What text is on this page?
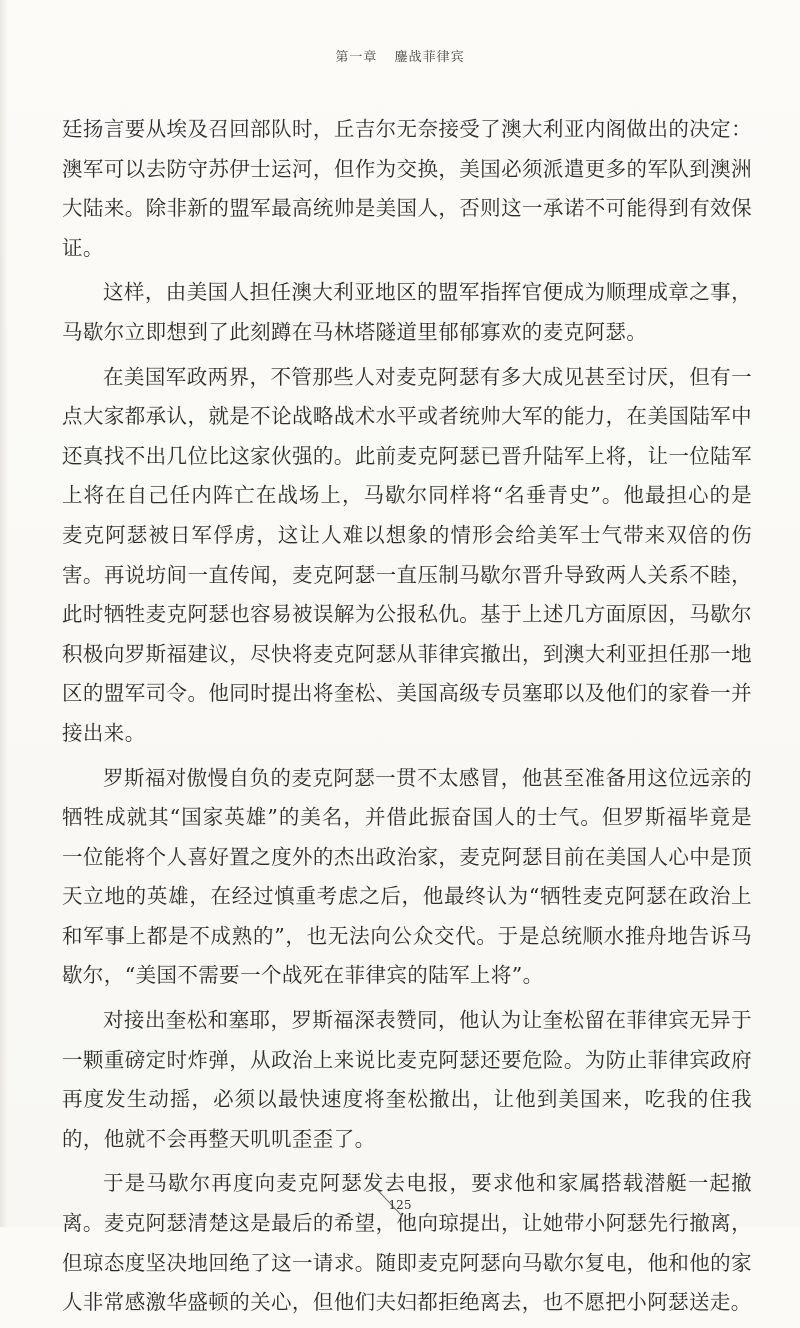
第一章 鏖战菲律宾

廷扬言要从埃及召回部队时，丘吉尔无奈接受了澳大利亚内阁做出的决定：澳军可以去防守苏伊士运河，但作为交换，美国必须派遣更多的军队到澳洲大陆来。除非新的盟军最高统帅是美国人，否则这一承诺不可能得到有效保证。

这样，由美国人担任澳大利亚地区的盟军指挥官便成为顺理成章之事，马歇尔立即想到了此刻蹲在马林塔隧道里郁郁寡欢的麦克阿瑟。

在美国军政两界，不管那些人对麦克阿瑟有多大成见甚至讨厌，但有一点大家都承认，就是不论战略战术水平或者统帅大军的能力，在美国陆军中还真找不出几位比这家伙强的。此前麦克阿瑟已晋升陆军上将，让一位陆军上将在自己任内阵亡在战场上，马歇尔同样将“名垂青史”。他最担心的是麦克阿瑟被日军俘虏，这让人难以想象的情形会给美军士气带来双倍的伤害。再说坊间一直传闻，麦克阿瑟一直压制马歇尔晋升导致两人关系不睦，此时牺牲麦克阿瑟也容易被误解为公报私仇。基于上述几方面原因，马歇尔积极向罗斯福建议，尽快将麦克阿瑟从菲律宾撤出，到澳大利亚担任那一地区的盟军司令。他同时提出将奎松、美国高级专员塞耶以及他们的家眷一并接出来。

罗斯福对傲慢自负的麦克阿瑟一贯不太感冒，他甚至准备用这位远亲的牺牲成就其“国家英雄”的美名，并借此振奋国人的士气。但罗斯福毕竟是一位能将个人喜好置之度外的杰出政治家，麦克阿瑟目前在美国人心中是顶天立地的英雄，在经过慎重考虑之后，他最终认为“牺牲麦克阿瑟在政治上和军事上都是不成熟的”，也无法向公众交代。于是总统顺水推舟地告诉马歇尔，“美国不需要一个战死在菲律宾的陆军上将”。

对接出奎松和塞耶，罗斯福深表赞同，他认为让奎松留在菲律宾无异于一颗重磅定时炸弹，从政治上来说比麦克阿瑟还要危险。为防止菲律宾政府再度发生动摇，必须以最快速度将奎松撤出，让他到美国来，吃我的住我的，他就不会再整天叽叽歪歪了。

于是马歇尔再度向麦克阿瑟发去电报，要求他和家属搭载潜艇一起撤离。麦克阿瑟清楚这是最后的希望，他向琼提出，让她带小阿瑟先行撤离，但琼态度坚决地回绝了这一请求。随即麦克阿瑟向马歇尔复电，他和他的家人非常感激华盛顿的关心，但他们夫妇都拒绝离去，也不愿把小阿瑟送走。

125
